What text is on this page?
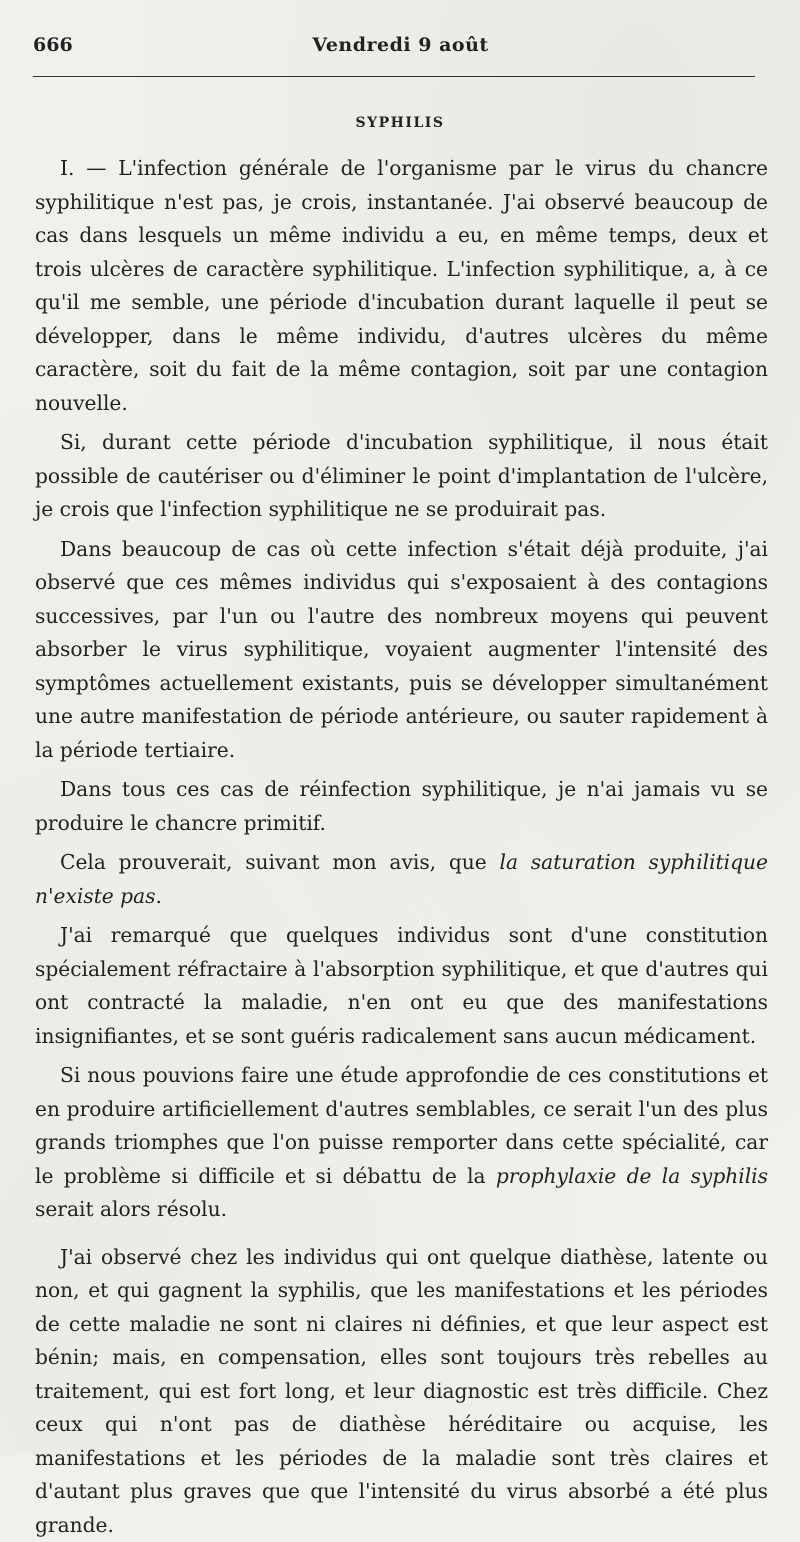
666	Vendredi 9 août
SYPHILIS

I. — L'infection générale de l'organisme par le virus du chancre syphilitique n'est pas, je crois, instantanée. J'ai observé beaucoup de cas dans lesquels un même individu a eu, en même temps, deux et trois ulcères de caractère syphilitique. L'infection syphilitique, a, à ce qu'il me semble, une période d'incubation durant laquelle il peut se développer, dans le même individu, d'autres ulcères du même caractère, soit du fait de la même contagion, soit par une contagion nouvelle.

Si, durant cette période d'incubation syphilitique, il nous était possible de cautériser ou d'éliminer le point d'implantation de l'ulcère, je crois que l'infection syphilitique ne se produirait pas.

Dans beaucoup de cas où cette infection s'était déjà produite, j'ai observé que ces mêmes individus qui s'exposaient à des contagions successives, par l'un ou l'autre des nombreux moyens qui peuvent absorber le virus syphilitique, voyaient augmenter l'intensité des symptômes actuellement existants, puis se développer simultanément une autre manifestation de période antérieure, ou sauter rapidement à la période tertiaire.

Dans tous ces cas de réinfection syphilitique, je n'ai jamais vu se produire le chancre primitif.

Cela prouverait, suivant mon avis, que la saturation syphilitique n'existe pas.

J'ai remarqué que quelques individus sont d'une constitution spécialement réfractaire à l'absorption syphilitique, et que d'autres qui ont contracté la maladie, n'en ont eu que des manifestations insignifiantes, et se sont guéris radicalement sans aucun médicament.

Si nous pouvions faire une étude approfondie de ces constitutions et en produire artificiellement d'autres semblables, ce serait l'un des plus grands triomphes que l'on puisse remporter dans cette spécialité, car le problème si difficile et si débattu de la prophylaxie de la syphilis serait alors résolu.

J'ai observé chez les individus qui ont quelque diathèse, latente ou non, et qui gagnent la syphilis, que les manifestations et les périodes de cette maladie ne sont ni claires ni définies, et que leur aspect est bénin; mais, en compensation, elles sont toujours très rebelles au traitement, qui est fort long, et leur diagnostic est très difficile. Chez ceux qui n'ont pas de diathèse héréditaire ou acquise, les manifestations et les périodes de la maladie sont très claires et d'autant plus graves que que l'intensité du virus absorbé a été plus grande.
